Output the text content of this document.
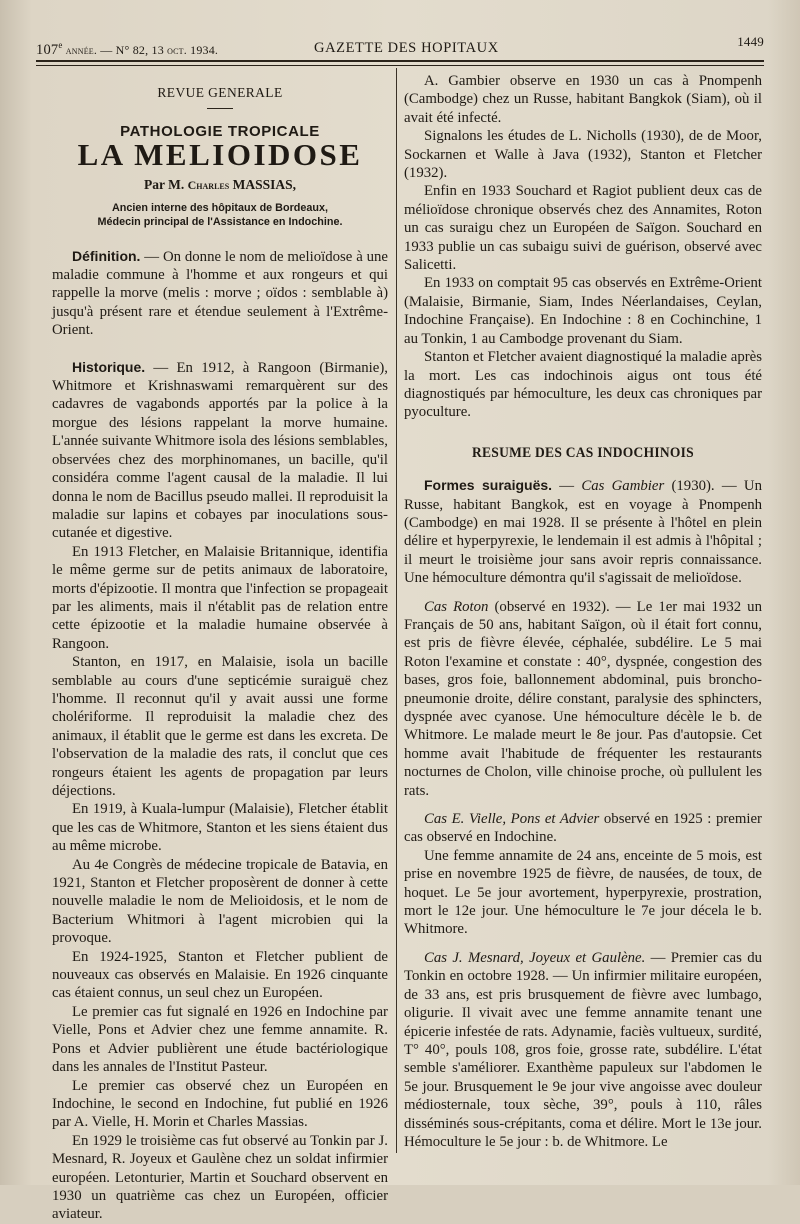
107e année. — N° 82, 13 oct. 1934.	GAZETTE DES HOPITAUX	1449
REVUE GENERALE
PATHOLOGIE TROPICALE
LA MELIOIDOSE
Par M. Charles MASSIAS,
Ancien interne des hôpitaux de Bordeaux,
Médecin principal de l'Assistance en Indochine.

Définition. — On donne le nom de melioïdose à une maladie commune à l'homme et aux rongeurs et qui rappelle la morve (melis : morve ; oïdos : semblable à) jusqu'à présent rare et étendue seulement à l'Extrême-Orient.

Historique. — En 1912, à Rangoon (Birmanie), Whitmore et Krishnaswami remarquèrent sur des cadavres de vagabonds apportés par la police à la morgue des lésions rappelant la morve humaine. L'année suivante Whitmore isola des lésions semblables, observées chez des morphinomanes, un bacille, qu'il considéra comme l'agent causal de la maladie. Il lui donna le nom de Bacillus pseudo mallei. Il reproduisit la maladie sur lapins et cobayes par inoculations sous-cutanée et digestive.

En 1913 Fletcher, en Malaisie Britannique, identifia le même germe sur de petits animaux de laboratoire, morts d'épizootie. Il montra que l'infection se propageait par les aliments, mais il n'établit pas de relation entre cette épizootie et la maladie humaine observée à Rangoon.

Stanton, en 1917, en Malaisie, isola un bacille semblable au cours d'une septicémie suraiguë chez l'homme. Il reconnut qu'il y avait aussi une forme cholériforme. Il reproduisit la maladie chez des animaux, il établit que le germe est dans les excreta. De l'observation de la maladie des rats, il conclut que ces rongeurs étaient les agents de propagation par leurs déjections.

En 1919, à Kuala-lumpur (Malaisie), Fletcher établit que les cas de Whitmore, Stanton et les siens étaient dus au même microbe.

Au 4e Congrès de médecine tropicale de Batavia, en 1921, Stanton et Fletcher proposèrent de donner à cette nouvelle maladie le nom de Melioidosis, et le nom de Bacterium Whitmori à l'agent microbien qui la provoque.

En 1924-1925, Stanton et Fletcher publient de nouveaux cas observés en Malaisie. En 1926 cinquante cas étaient connus, un seul chez un Européen.

Le premier cas fut signalé en 1926 en Indochine par Vielle, Pons et Advier chez une femme annamite. R. Pons et Advier publièrent une étude bactériologique dans les annales de l'Institut Pasteur.

Le premier cas observé chez un Européen en Indochine, le second en Indochine, fut publié en 1926 par A. Vielle, H. Morin et Charles Massias.

En 1929 le troisième cas fut observé au Tonkin par J. Mesnard, R. Joyeux et Gaulène chez un soldat infirmier européen. Letonturier, Martin et Souchard observent en 1930 un quatrième cas chez un Européen, officier aviateur.

A. Gambier observe en 1930 un cas à Pnompenh (Cambodge) chez un Russe, habitant Bangkok (Siam), où il avait été infecté.

Signalons les études de L. Nicholls (1930), de de Moor, Sockarnen et Walle à Java (1932), Stanton et Fletcher (1932).

Enfin en 1933 Souchard et Ragiot publient deux cas de mélioïdose chronique observés chez des Annamites, Roton un cas suraigu chez un Européen de Saïgon. Souchard en 1933 publie un cas subaigu suivi de guérison, observé avec Salicetti.

En 1933 on comptait 95 cas observés en Extrême-Orient (Malaisie, Birmanie, Siam, Indes Néerlandaises, Ceylan, Indochine Française). En Indochine : 8 en Cochinchine, 1 au Tonkin, 1 au Cambodge provenant du Siam.

Stanton et Fletcher avaient diagnostiqué la maladie après la mort. Les cas indochinois aigus ont tous été diagnostiqués par hémoculture, les deux cas chroniques par pyoculture.

RESUME DES CAS INDOCHINOIS

Formes suraiguës. — Cas Gambier (1930). — Un Russe, habitant Bangkok, est en voyage à Pnompenh (Cambodge) en mai 1928. Il se présente à l'hôtel en plein délire et hyperpyrexie, le lendemain il est admis à l'hôpital ; il meurt le troisième jour sans avoir repris connaissance. Une hémoculture démontra qu'il s'agissait de melioïdose.

Cas Roton (observé en 1932). — Le 1er mai 1932 un Français de 50 ans, habitant Saïgon, où il était fort connu, est pris de fièvre élevée, céphalée, subdélire. Le 5 mai Roton l'examine et constate : 40°, dyspnée, congestion des bases, gros foie, ballonnement abdominal, puis broncho-pneumonie droite, délire constant, paralysie des sphincters, dyspnée avec cyanose. Une hémoculture décèle le b. de Whitmore. Le malade meurt le 8e jour. Pas d'autopsie. Cet homme avait l'habitude de fréquenter les restaurants nocturnes de Cholon, ville chinoise proche, où pullulent les rats.

Cas E. Vielle, Pons et Advier observé en 1925 : premier cas observé en Indochine.

Une femme annamite de 24 ans, enceinte de 5 mois, est prise en novembre 1925 de fièvre, de nausées, de toux, de hoquet. Le 5e jour avortement, hyperpyrexie, prostration, mort le 12e jour. Une hémoculture le 7e jour décela le b. Whitmore.

Cas J. Mesnard, Joyeux et Gaulène. — Premier cas du Tonkin en octobre 1928. — Un infirmier militaire européen, de 33 ans, est pris brusquement de fièvre avec lumbago, oligurie. Il vivait avec une femme annamite tenant une épicerie infestée de rats. Adynamie, faciès vultueux, surdité, T° 40°, pouls 108, gros foie, grosse rate, subdélire. L'état semble s'améliorer. Exanthème papuleux sur l'abdomen le 5e jour. Brusquement le 9e jour vive angoisse avec douleur médiosternale, toux sèche, 39°, pouls à 110, râles disséminés sous-crépitants, coma et délire. Mort le 13e jour. Hémoculture le 5e jour : b. de Whitmore. Le
